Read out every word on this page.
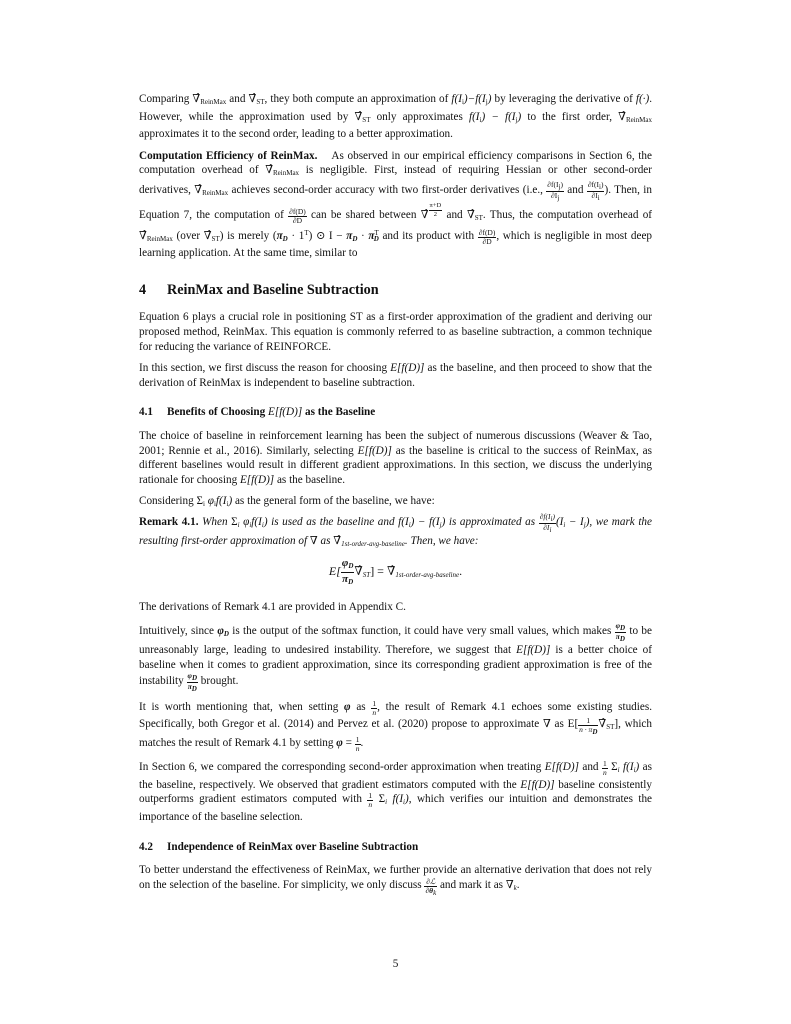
Comparing $\nablâ_{ReinMax}$ and $\nablâ_{ST}$, they both compute an approximation of $f(I_i)-f(I_j)$ by leveraging the derivative of f(·). However, while the approximation used by $\nablâ_{ST}$ only approximates $f(I_i) - f(I_j)$ to the first order, $\nablâ_{ReinMax}$ approximates it to the second order, leading to a better approximation.

Computation Efficiency of ReinMax. As observed in our empirical efficiency comparisons in Section 6, the computation overhead of $\nablâ_{ReinMax}$ is negligible. First, instead of requiring Hessian or other second-order derivatives, $\nablâ_{ReinMax}$ achieves second-order accuracy with two first-order derivatives (i.e., $\frac{\partial f(Ij)}{\partial Ij}$ and $\frac{\partial f(Ii)}{\partial Ii}$ ). Then, in Equation 7, the computation of $\frac{\partial f(D)}{\partial D}$ can be shared between ∇̂ $\frac{\pi+D}{2}$ and $\nablâ_{ST}$. Thus, the computation overhead of $\nablâ_{ReinMax}$ (over $\nablâ_{ST}$) is merely $(\pi_D \cdot 1^T)$ ⊙ $I - \pi_D \cdot \pi^T_D$ and its product with $\frac{\partial f(D)}{\partial D}$ , which is negligible in most deep learning application. At the same time, similar to

4 ReinMax and Baseline Subtraction

Equation 6 plays a crucial role in positioning ST as a first-order approximation of the gradient and deriving our proposed method, ReinMax. This equation is commonly referred to as baseline subtraction, a common technique for reducing the variance of REINFORCE.

In this section, we first discuss the reason for choosing E[f(D)] as the baseline, and then proceed to show that the derivation of ReinMax is independent to baseline subtraction.

4.1 Benefits of Choosing E[f(D)] as the Baseline

The choice of baseline in reinforcement learning has been the subject of numerous discussions (Weaver & Tao, 2001; Rennie et al., 2016). Similarly, selecting E[f(D)] as the baseline is critical to the success of ReinMax, as different baselines would result in different gradient approximations. In this section, we discuss the underlying rationale for choosing E[f(D)] as the baseline.

Considering $\Sigma_i$ $\varphi_if(I_i)$ as the general form of the baseline, we have:

Remark 4.1. When $\Sigma_i$ $\varphi_if(I_i)$ is used as the baseline and $f(I_i) - f(I_j)$ is approximated as $\frac{\partial f(Ii)}{\partial Ii} (I_i - I_j)$, we mark the resulting first-order approximation of ∇ as $\nablâ_{1st-order-avg-baseline}$. Then, we have:

$E[ \frac{\varphi_D}{\pi_D}$ $\nablâ_{ST}$] = $\nablâ_{1st-order-avg-baseline}$.

The derivations of Remark 4.1 are provided in Appendix C.

Intuitively, since $\varphi_D$ is the output of the softmax function, it could have very small values, which makes $\frac{\varphi D}{\pi D}$ to be unreasonably large, leading to undesired instability. Therefore, we suggest that E[f(D)] is a better choice of baseline when it comes to gradient approximation, since its corresponding gradient approximation is free of the instability $\frac{\varphi D}{\pi D}$ brought.

It is worth mentioning that, when setting φ as $\frac{1}{n}$ , the result of Remark 4.1 echoes some existing studies. Specifically, both Gregor et al. (2014) and Pervez et al. (2020) propose to approximate ∇ as $E[ \frac{1}{n \cdot \pi D}$ $\nablâ_{ST}$], which matches the result of Remark 4.1 by setting $\varphi = \frac{1}{n}$ .

In Section 6, we compared the corresponding second-order approximation when treating E[f(D)] and $\frac{1}{n} \Sigma_i$ $f(I_i)$ as the baseline, respectively. We observed that gradient estimators computed with the E[f(D)] baseline consistently outperforms gradient estimators computed with $\frac{1}{n} \Sigma_i$ $f(I_i)$, which verifies our intuition and demonstrates the importance of the baseline selection.

4.2 Independence of ReinMax over Baseline Subtraction

To better understand the effectiveness of ReinMax, we further provide an alternative derivation that does not rely on the selection of the baseline. For simplicity, we only discuss $\frac{\text{∂ℒ}}{\partial\theta k}$ and mark it as $\nabla_k$.

5
